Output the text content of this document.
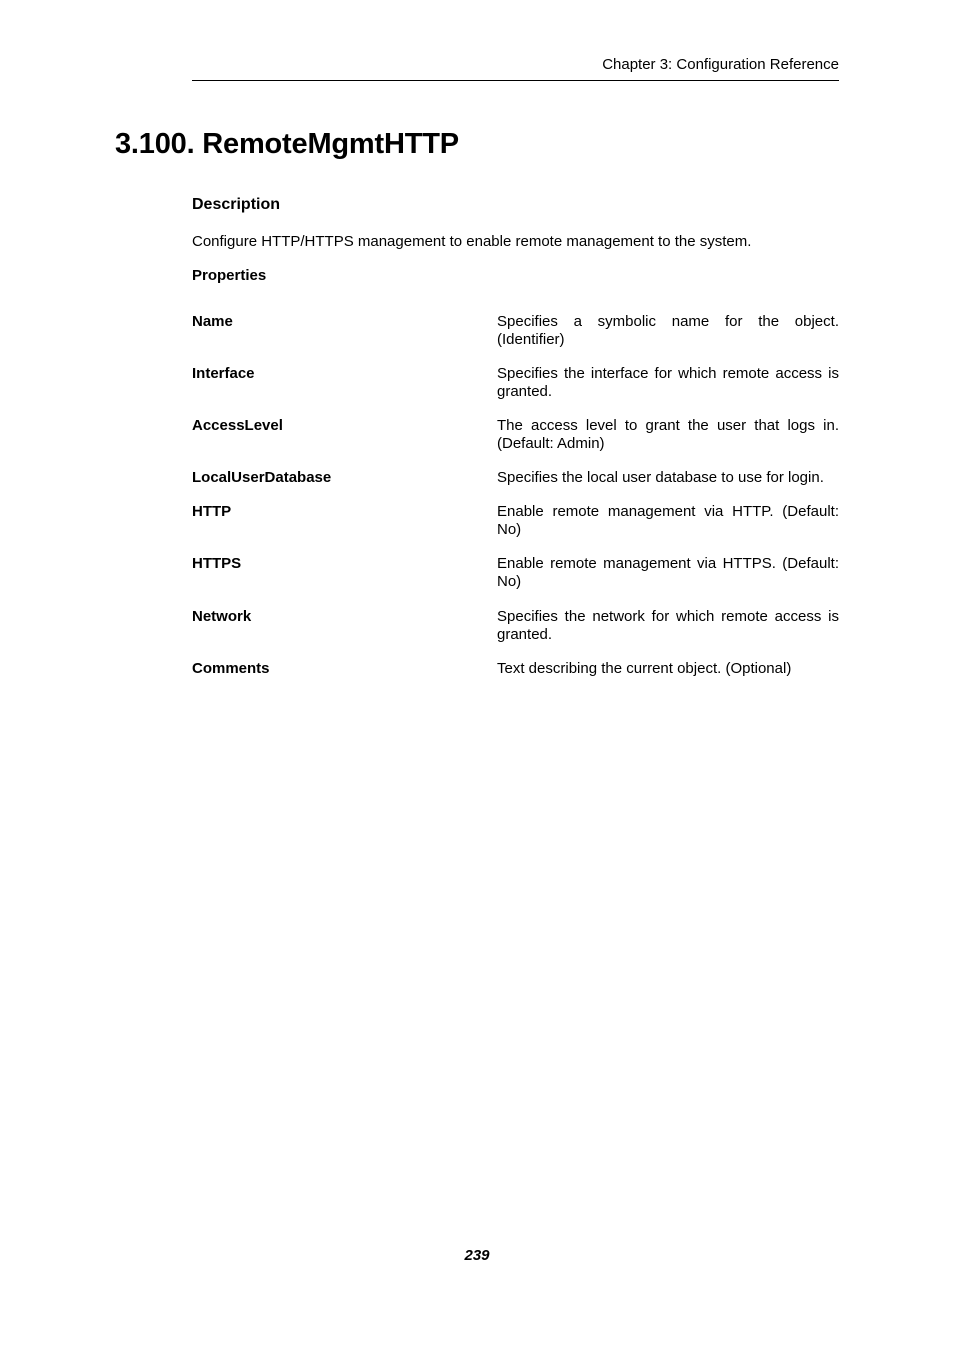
Chapter 3: Configuration Reference
3.100. RemoteMgmtHTTP
Description
Configure HTTP/HTTPS management to enable remote management to the system.
Properties
Name	Specifies a symbolic name for the object. (Identifier)
Interface	Specifies the interface for which remote access is granted.
AccessLevel	The access level to grant the user that logs in. (Default: Admin)
LocalUserDatabase	Specifies the local user database to use for login.
HTTP	Enable remote management via HTTP. (Default: No)
HTTPS	Enable remote management via HTTPS. (Default: No)
Network	Specifies the network for which remote access is granted.
Comments	Text describing the current object. (Optional)
239
